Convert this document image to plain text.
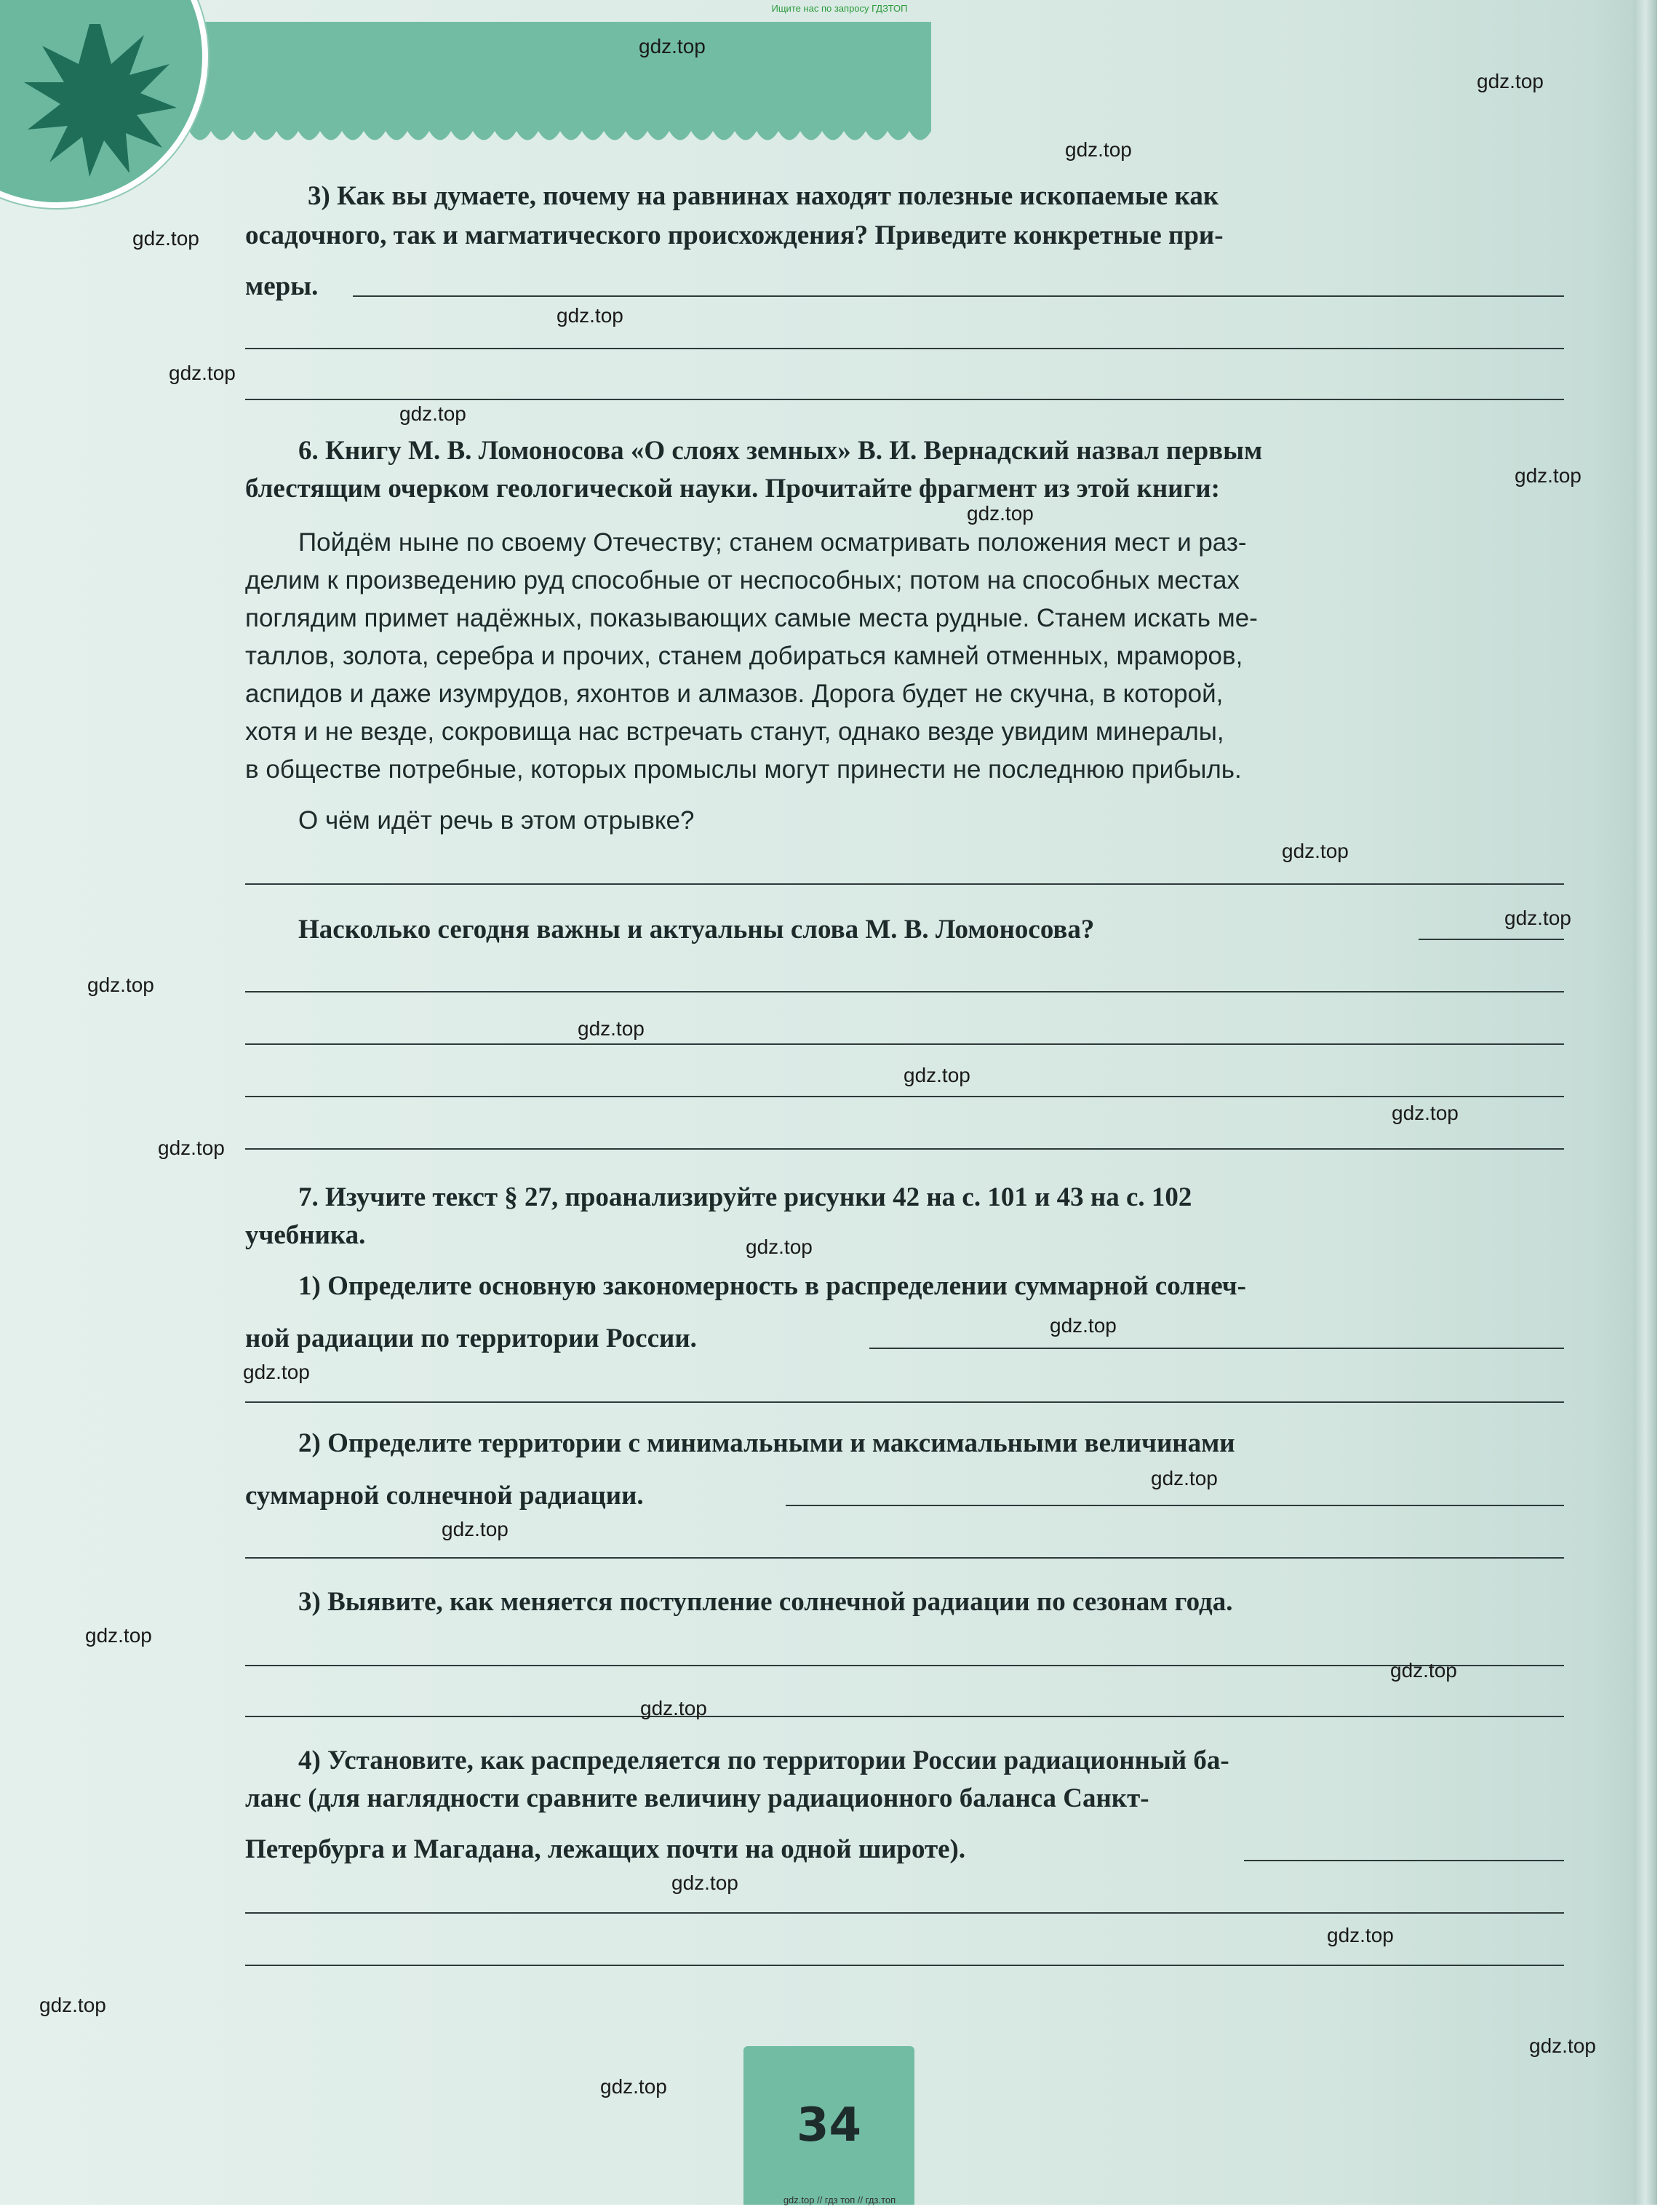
3) Как вы думаете, почему на равнинах находят полезные ископаемые как

осадочного, так и магматического происхождения? Приведите конкретные при-

меры.

6. Книгу М. В. Ломоносова «О слоях земных» В. И. Вернадский назвал первым

блестящим очерком геологической науки. Прочитайте фрагмент из этой книги:

Пойдём ныне по своему Отечеству; станем осматривать положения мест и раз-

делим к произведению руд способные от неспособных; потом на способных местах

поглядим примет надёжных, показывающих самые места рудные. Станем искать ме-

таллов, золота, серебра и прочих, станем добираться камней отменных, мраморов,

аспидов и даже изумрудов, яхонтов и алмазов. Дорога будет не скучна, в которой,

хотя и не везде, сокровища нас встречать станут, однако везде увидим минералы,

в обществе потребные, которых промыслы могут принести не последнюю прибыль.

О чём идёт речь в этом отрывке?

Насколько сегодня важны и актуальны слова М. В. Ломоносова?

7. Изучите текст § 27, проанализируйте рисунки 42 на с. 101 и 43 на с. 102

учебника.

1) Определите основную закономерность в распределении суммарной солнеч-

ной радиации по территории России.

2) Определите территории с минимальными и максимальными величинами

суммарной солнечной радиации.

3) Выявите, как меняется поступление солнечной радиации по сезонам года.

4) Установите, как распределяется по территории России радиационный ба-

ланс (для наглядности сравните величину радиационного баланса Санкт-

Петербурга и Магадана, лежащих почти на одной широте).

34
gdz.top
gdz.top
gdz.top
gdz.top
gdz.top
gdz.top
gdz.top
gdz.top
gdz.top
gdz.top
gdz.top
gdz.top
gdz.top
gdz.top
gdz.top
gdz.top
gdz.top
gdz.top
gdz.top
gdz.top
gdz.top
gdz.top
gdz.top
gdz.top
gdz.top
gdz.top
gdz.top
gdz.top
gdz.top
Ищите нас по запросу ГДЗТОП
gdz.top // гдз топ // гдз.топ
